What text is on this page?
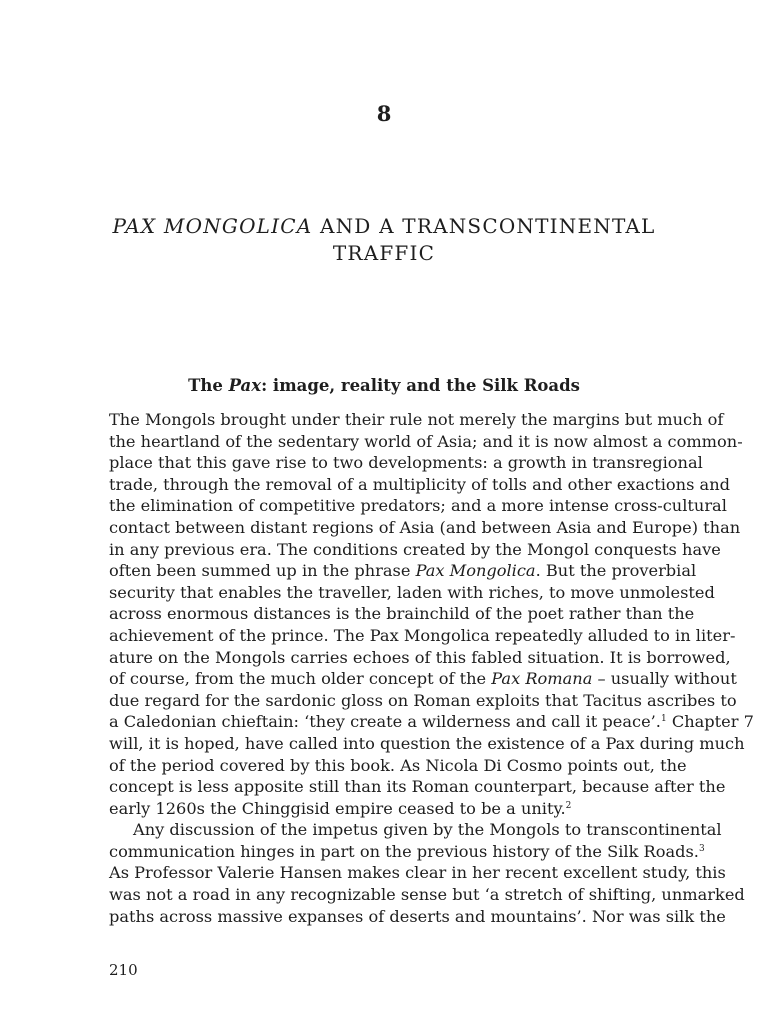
8
PAX MONGOLICA AND A TRANSCONTINENTAL
TRAFFIC
The Pax: image, reality and the Silk Roads
The Mongols brought under their rule not merely the margins but much of
the heartland of the sedentary world of Asia; and it is now almost a common-
place that this gave rise to two developments: a growth in transregional
trade, through the removal of a multiplicity of tolls and other exactions and
the elimination of competitive predators; and a more intense cross-cultural
contact between distant regions of Asia (and between Asia and Europe) than
in any previous era. The conditions created by the Mongol conquests have
often been summed up in the phrase Pax Mongolica. But the proverbial
security that enables the traveller, laden with riches, to move unmolested
across enormous distances is the brainchild of the poet rather than the
achievement of the prince. The Pax Mongolica repeatedly alluded to in liter-
ature on the Mongols carries echoes of this fabled situation. It is borrowed,
of course, from the much older concept of the Pax Romana – usually without
due regard for the sardonic gloss on Roman exploits that Tacitus ascribes to
a Caledonian chieftain: ‘they create a wilderness and call it peace’.$^1$ Chapter 7
will, it is hoped, have called into question the existence of a Pax during much
of the period covered by this book. As Nicola Di Cosmo points out, the
concept is less apposite still than its Roman counterpart, because after the
early 1260s the Chinggisid empire ceased to be a unity.$^2$
Any discussion of the impetus given by the Mongols to transcontinental
communication hinges in part on the previous history of the Silk Roads.$^3$
As Professor Valerie Hansen makes clear in her recent excellent study, this
was not a road in any recognizable sense but ‘a stretch of shifting, unmarked
paths across massive expanses of deserts and mountains’. Nor was silk the
210
